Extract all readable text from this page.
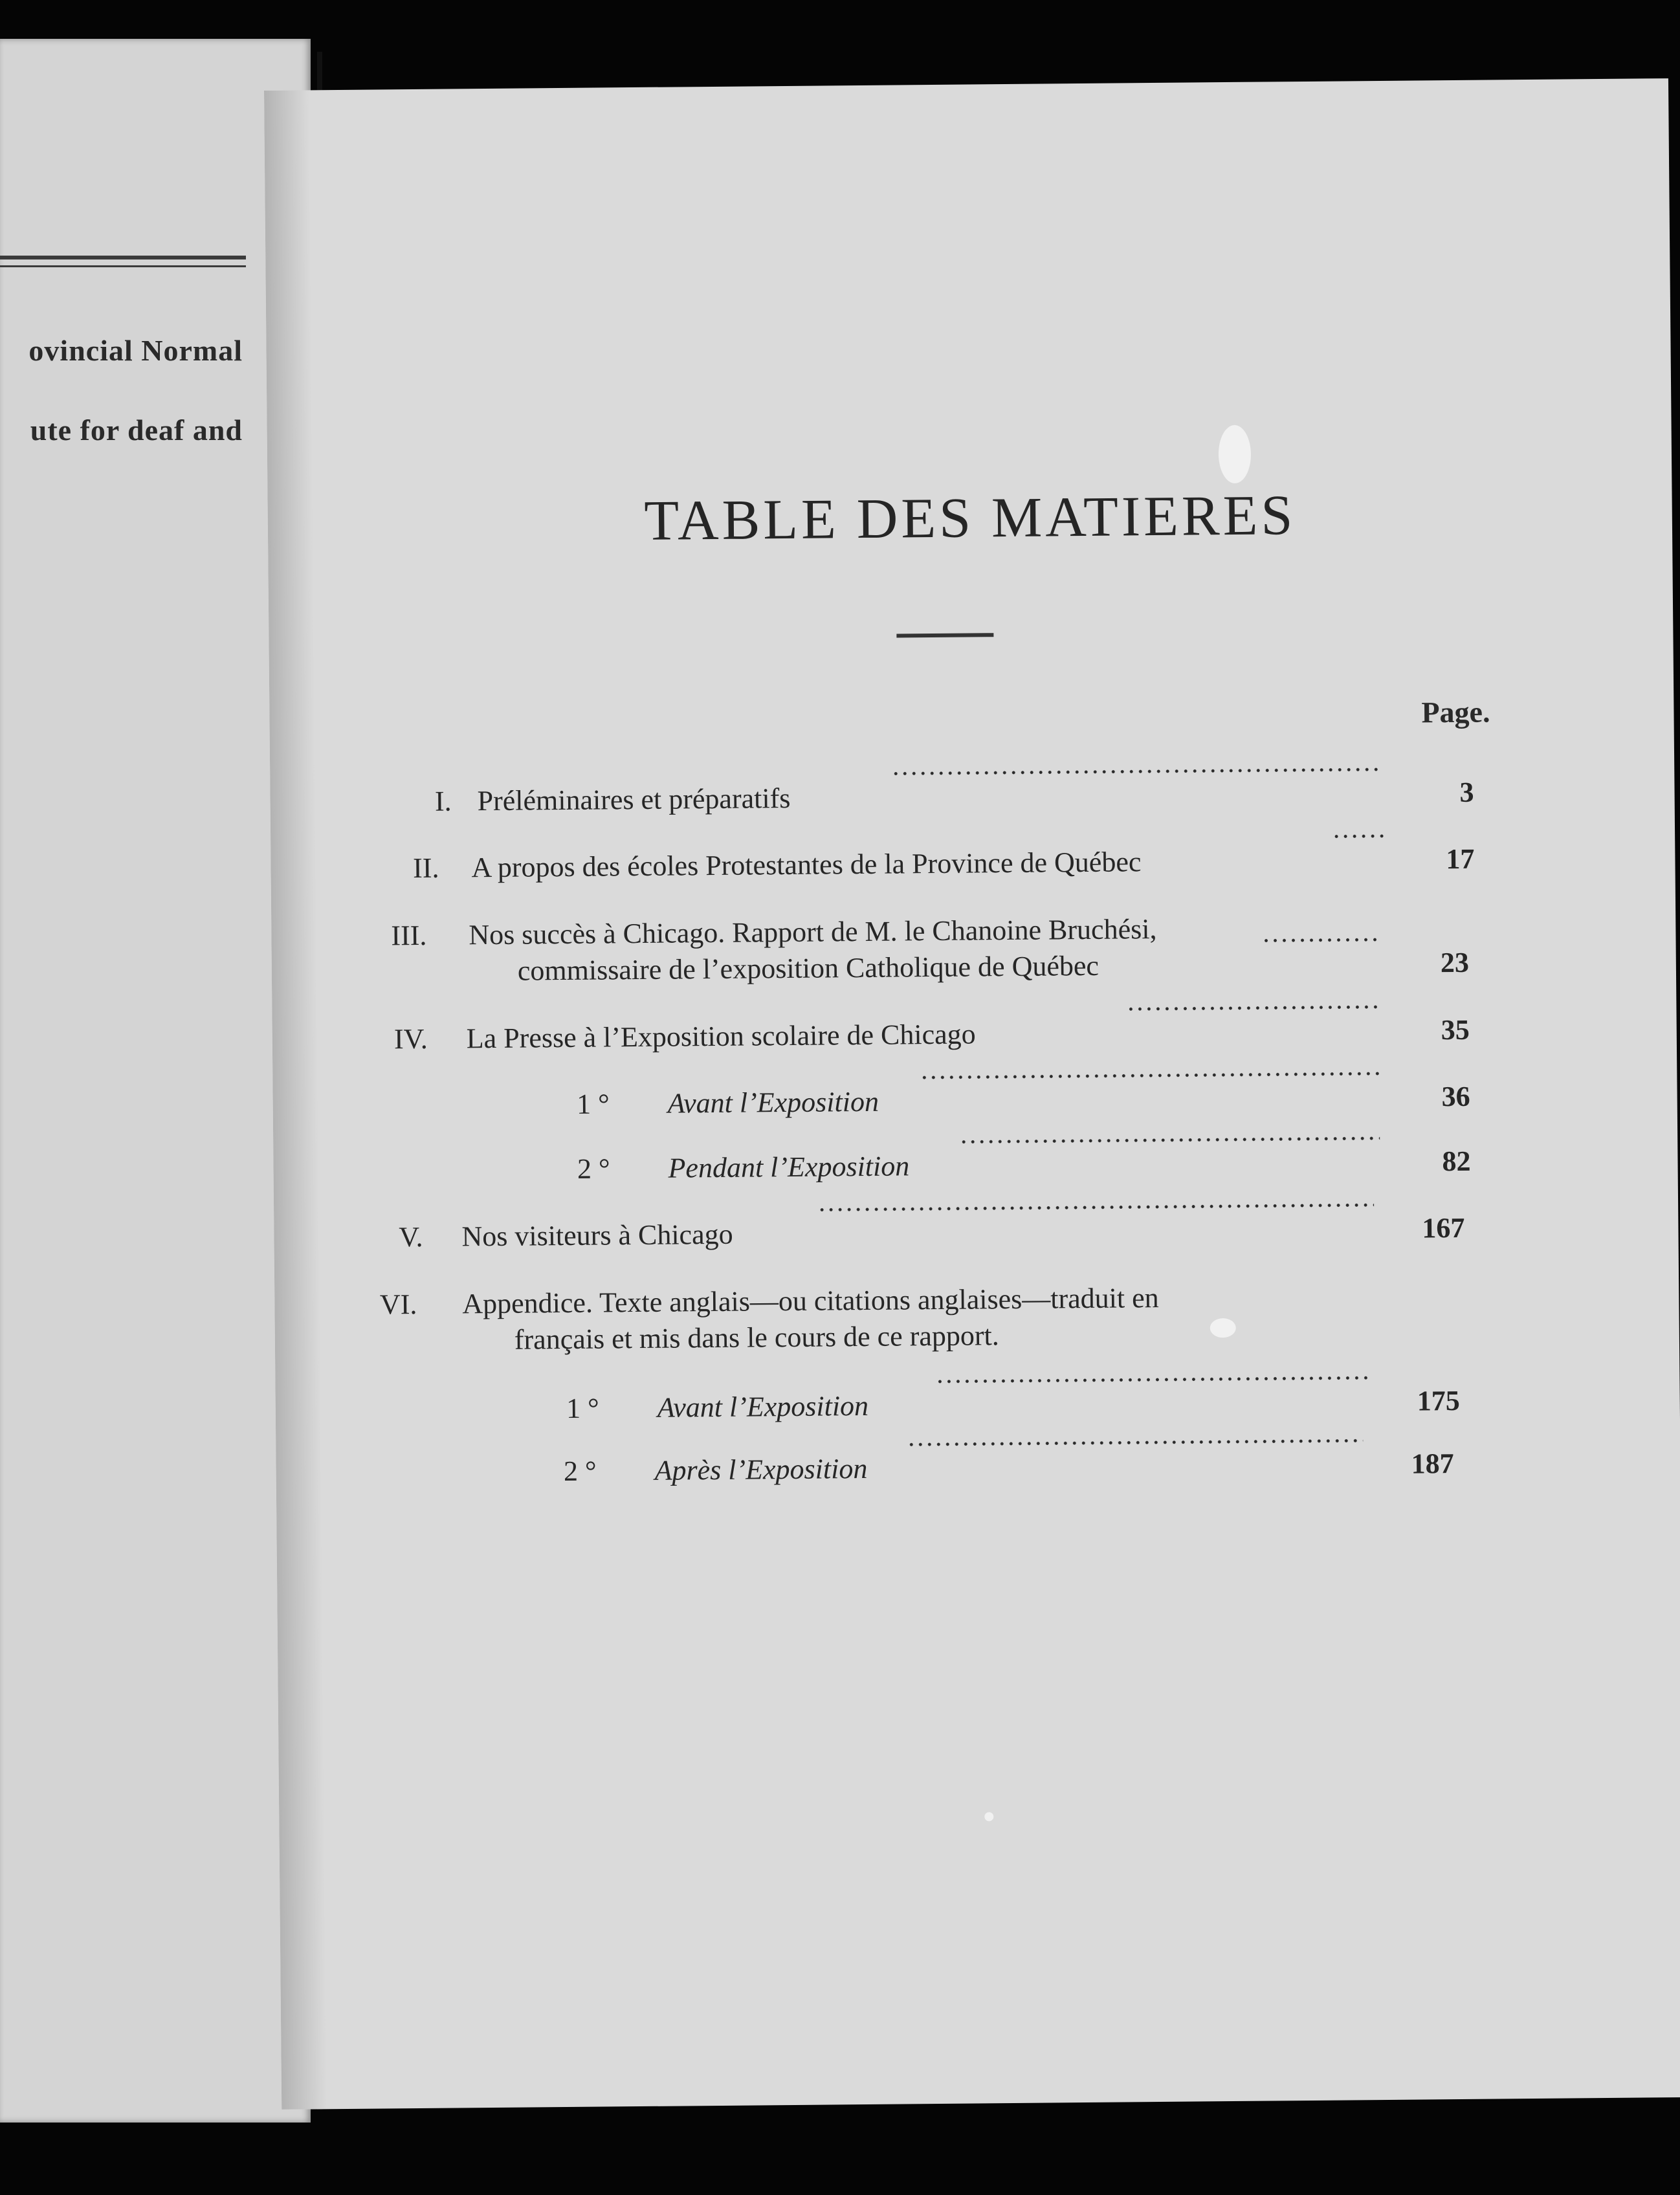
ovincial Normal
ute for deaf and
TABLE DES MATIERES
Page.
I. Préléminaires et préparatifs	3
II. A propos des écoles Protestantes de la Province de Québec	17
III. Nos succès à Chicago. Rapport de M. le Chanoine Bruchési,
commissaire de l’exposition Catholique de Québec	23
IV. La Presse à l’Exposition scolaire de Chicago	35
1 ° Avant l’Exposition	36
2 ° Pendant l’Exposition	82
V. Nos visiteurs à Chicago	167
VI. Appendice. Texte anglais—ou citations anglaises—traduit en
français et mis dans le cours de ce rapport.
1 ° Avant l’Exposition	175
2 ° Après l’Exposition	187
